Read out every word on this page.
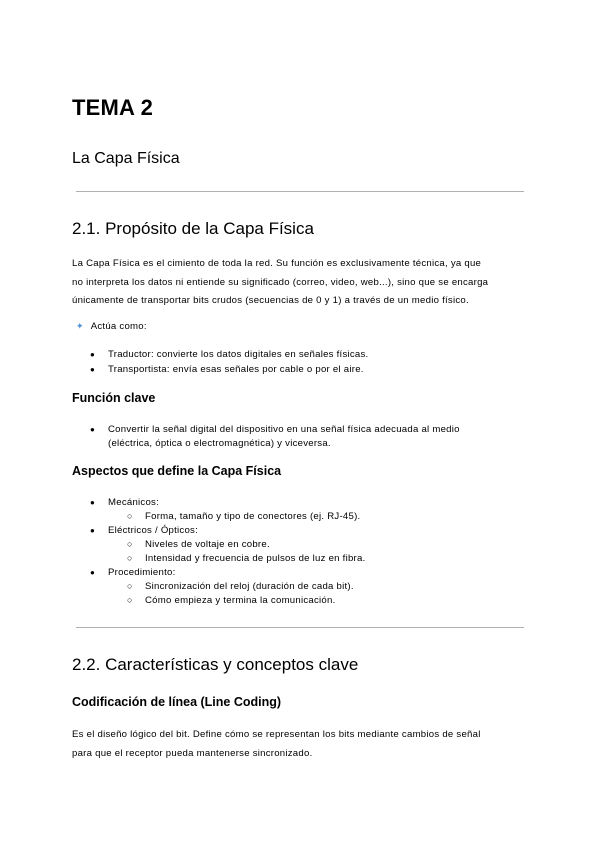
TEMA 2
La Capa Física
2.1. Propósito de la Capa Física
La Capa Física es el cimiento de toda la red. Su función es exclusivamente técnica, ya que
no interpreta los datos ni entiende su significado (correo, video, web...), sino que se encarga
únicamente de transportar bits crudos (secuencias de 0 y 1) a través de un medio físico.
✦ Actúa como:
● Traductor: convierte los datos digitales en señales físicas.
● Transportista: envía esas señales por cable o por el aire.
Función clave
● Convertir la señal digital del dispositivo en una señal física adecuada al medio
(eléctrica, óptica o electromagnética) y viceversa.
Aspectos que define la Capa Física
● Mecánicos:
○ Forma, tamaño y tipo de conectores (ej. RJ-45).
● Eléctricos / Ópticos:
○ Niveles de voltaje en cobre.
○ Intensidad y frecuencia de pulsos de luz en fibra.
● Procedimiento:
○ Sincronización del reloj (duración de cada bit).
○ Cómo empieza y termina la comunicación.
2.2. Características y conceptos clave
Codificación de línea (Line Coding)
Es el diseño lógico del bit. Define cómo se representan los bits mediante cambios de señal
para que el receptor pueda mantenerse sincronizado.
